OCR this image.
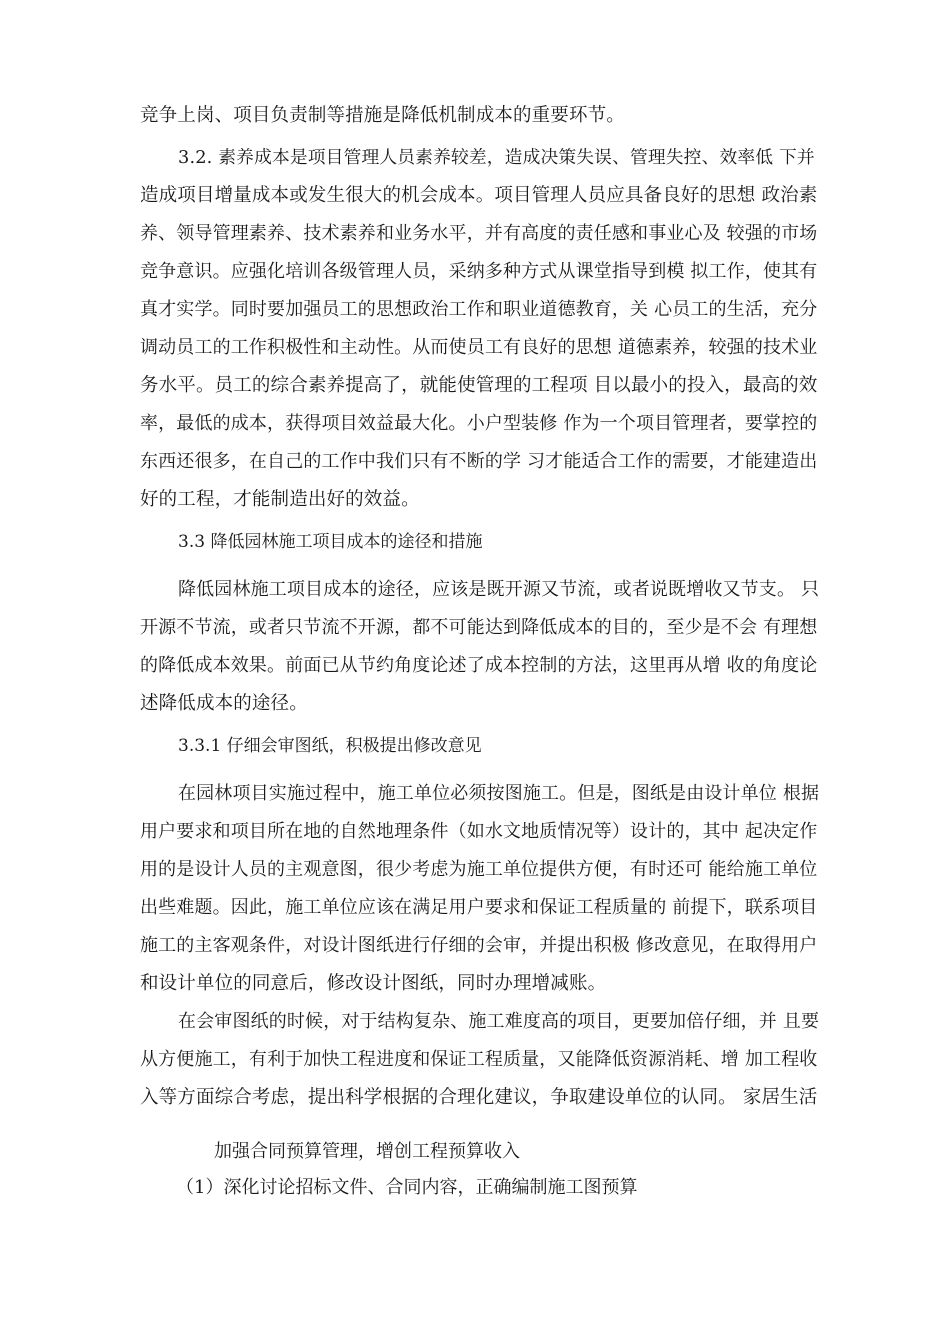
竞争上岗、项目负责制等措施是降低机制成本的重要环节。
3.2. 素养成本是项目管理人员素养较差，造成决策失误、管理失控、效率低 下并
造成项目增量成本或发生很大的机会成本。项目管理人员应具备良好的思想 政治素
养、领导管理素养、技术素养和业务水平，并有高度的责任感和事业心及 较强的市场
竞争意识。应强化培训各级管理人员，采纳多种方式从课堂指导到模 拟工作，使其有
真才实学。同时要加强员工的思想政治工作和职业道德教育，关 心员工的生活，充分
调动员工的工作积极性和主动性。从而使员工有良好的思想 道德素养，较强的技术业
务水平。员工的综合素养提高了，就能使管理的工程项 目以最小的投入，最高的效
率，最低的成本，获得项目效益最大化。小户型装修 作为一个项目管理者，要掌控的
东西还很多，在自己的工作中我们只有不断的学 习才能适合工作的需要，才能建造出
好的工程，才能制造出好的效益。
3.3 降低园林施工项目成本的途径和措施
降低园林施工项目成本的途径，应该是既开源又节流，或者说既增收又节支。 只
开源不节流，或者只节流不开源，都不可能达到降低成本的目的，至少是不会 有理想
的降低成本效果。前面已从节约角度论述了成本控制的方法，这里再从增 收的角度论
述降低成本的途径。
3.3.1 仔细会审图纸，积极提出修改意见
在园林项目实施过程中，施工单位必须按图施工。但是，图纸是由设计单位 根据
用户要求和项目所在地的自然地理条件（如水文地质情况等）设计的，其中 起决定作
用的是设计人员的主观意图，很少考虑为施工单位提供方便，有时还可 能给施工单位
出些难题。因此，施工单位应该在满足用户要求和保证工程质量的 前提下，联系项目
施工的主客观条件，对设计图纸进行仔细的会审，并提出积极 修改意见，在取得用户
和设计单位的同意后，修改设计图纸，同时办理增减账。
在会审图纸的时候，对于结构复杂、施工难度高的项目，更要加倍仔细，并 且要
从方便施工，有利于加快工程进度和保证工程质量，又能降低资源消耗、增 加工程收
入等方面综合考虑，提出科学根据的合理化建议，争取建设单位的认同。 家居生活
加强合同预算管理，增创工程预算收入
（1）深化讨论招标文件、合同内容，正确编制施工图预算
